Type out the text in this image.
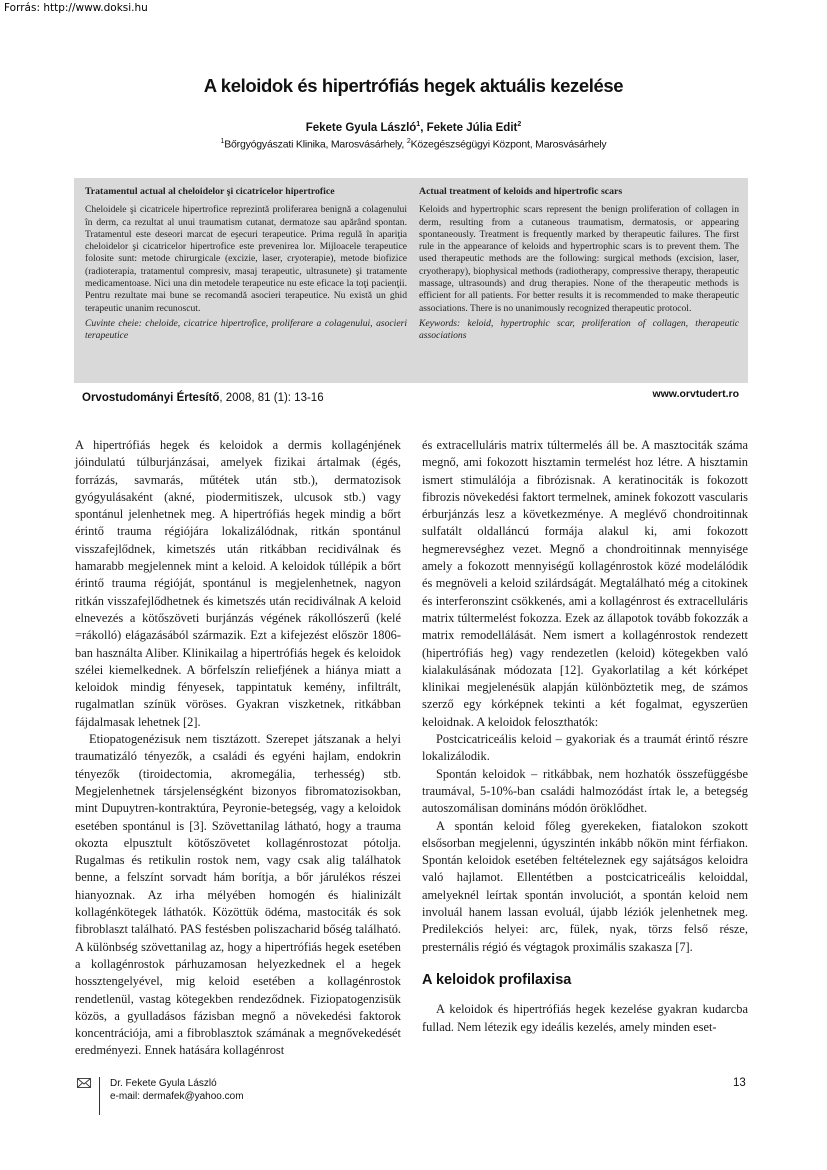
Forrás: http://www.doksi.hu
A keloidok és hipertrófiás hegek aktuális kezelése
Fekete Gyula László$^1$, Fekete Júlia Edit$^2$
$^1$Bőrgyógyászati Klinika, Marosvásárhely, $^2$Közegészségügyi Központ, Marosvásárhely
Tratamentul actual al cheloidelor şi cicatricelor hipertrofice
Cheloidele şi cicatricele hipertrofice reprezintă proliferarea benignă a colagenului în derm, ca rezultat al unui traumatism cutanat, dermatoze sau apărând spontan. Tratamentul este deseori marcat de eşecuri terapeutice. Prima regulă în apariţia cheloidelor şi cicatricelor hipertrofice este prevenirea lor. Mijloacele terapeutice folosite sunt: metode chirurgicale (excizie, laser, cryoterapie), metode biofizice (radioterapia, tratamentul compresiv, masaj terapeutic, ultrasunete) şi tratamente medicamentoase. Nici una din metodele terapeutice nu este eficace la toţi pacienţii. Pentru rezultate mai bune se recomandă asocieri terapeutice. Nu există un ghid terapeutic unanim recunoscut.
Cuvinte cheie: cheloide, cicatrice hipertrofice, proliferare a colagenului, asocieri terapeutice
Actual treatment of keloids and hipertrofic scars
Keloids and hypertrophic scars represent the benign proliferation of collagen in derm, resulting from a cutaneous traumatism, dermatosis, or appearing spontaneously. Treatment is frequently marked by therapeutic failures. The first rule in the appearance of keloids and hypertrophic scars is to prevent them. The used therapeutic methods are the following: surgical methods (excision, laser, cryotherapy), biophysical methods (radiotherapy, compressive therapy, therapeutic massage, ultrasounds) and drug therapies. None of the therapeutic methods is efficient for all patients. For better results it is recommended to make therapeutic associations. There is no unanimously recognized therapeutic protocol.
Keywords: keloid, hypertrophic scar, proliferation of collagen, therapeutic associations
Orvostudományi Értesítő, 2008, 81 (1): 13-16	www.orvtudert.ro

A hipertrófiás hegek és keloidok a dermis kollagénjének jóindulatú túlburjánzásai, amelyek fizikai ártalmak (égés, forrázás, savmarás, műtétek után stb.), dermatozisok gyógyulásaként (akné, piodermitiszek, ulcusok stb.) vagy spontánul jelenhetnek meg. A hipertrófiás hegek mindig a bőrt érintő trauma régiójára lokalizálódnak, ritkán spontánul visszafejlődnek, kimetszés után ritkábban recidiválnak és hamarabb megjelennek mint a keloid. A keloidok túllépik a bőrt érintő trauma régióját, spontánul is megjelenhetnek, nagyon ritkán visszafejlődhetnek és kimetszés után recidiválnak A keloid elnevezés a kötőszöveti burjánzás végének rákollószerű (kelé =rákolló) elágazásából származik. Ezt a kifejezést először 1806-ban használta Aliber. Klinikailag a hipertrófiás hegek és keloidok szélei kiemelkednek. A bőrfelszín reliefjének a hiánya miatt a keloidok mindig fényesek, tappintatuk kemény, infiltrált, rugalmatlan színük vöröses. Gyakran viszketnek, ritkábban fájdalmasak lehetnek [2].

Etiopatogenézisuk nem tisztázott. Szerepet játszanak a helyi traumatizáló tényezők, a családi és egyéni hajlam, endokrin tényezők (tiroidectomia, akromegália, terhesség) stb. Megjelenhetnek társjelenségként bizonyos fibromatozisokban, mint Dupuytren-kontraktúra, Peyronie-betegség, vagy a keloidok esetében spontánul is [3]. Szövettanilag látható, hogy a trauma okozta elpusztult kötőszövetet kollagénrostozat pótolja. Rugalmas és retikulin rostok nem, vagy csak alig találhatok benne, a felszínt sorvadt hám borítja, a bőr járulékos részei hianyoznak. Az irha mélyében homogén és hialinizált kollagénkötegek láthatók. Közöttük ödéma, mastociták és sok fibroblaszt található. PAS festésben poliszacharid bőség található. A különbség szövettanilag az, hogy a hipertrófiás hegek esetében a kollagénrostok párhuzamosan helyezkednek el a hegek hossztengelyével, mig keloid esetében a kollagénrostok rendetlenül, vastag kötegekben rendeződnek. Fiziopatogenzisük közös, a gyulladásos fázisban megnő a növekedési faktorok koncentrációja, ami a fibroblasztok számának a megnővekedését eredményezi. Ennek hatására kollagénrost

és extracelluláris matrix túltermelés áll be. A masztociták száma megnő, ami fokozott hisztamin termelést hoz létre. A hisztamin ismert stimulálója a fibrózisnak. A keratinociták is fokozott fibrozis növekedési faktort termelnek, aminek fokozott vascularis érburjánzás lesz a következménye. A meglévő chondroitinnak sulfatált oldalláncú formája alakul ki, ami fokozott hegmerevséghez vezet. Megnő a chondroitinnak mennyisége amely a fokozott mennyiségű kollagénrostok közé modelálódik és megnöveli a keloid szilárdságát. Megtalálható még a citokinek és interferonszint csökkenés, ami a kollagénrost és extracelluláris matrix túltermelést fokozza. Ezek az állapotok tovább fokozzák a matrix remodellálását. Nem ismert a kollagénrostok rendezett (hipertrófiás heg) vagy rendezetlen (keloid) kötegekben való kialakulásának módozata [12]. Gyakorlatilag a két kórképet klinikai megjelenésük alapján különböztetik meg, de számos szerző egy kórképnek tekinti a két fogalmat, egyszerüen keloidnak. A keloidok feloszthatók:

Postcicatriceális keloid – gyakoriak és a traumát érintő részre lokalizálodik.

Spontán keloidok – ritkábbak, nem hozhatók összefüggésbe traumával, 5-10%-ban családi halmozódást írtak le, a betegség autoszomálisan domináns módón öröklődhet.

A spontán keloid főleg gyerekeken, fiatalokon szokott elsősorban megjelenni, úgyszintén inkább nőkön mint férfiakon. Spontán keloidok esetében feltételeznek egy sajátságos keloidra való hajlamot. Ellentétben a postcicatriceális keloiddal, amelyeknél leírtak spontán involuciót, a spontán keloid nem involuál hanem lassan evoluál, újabb léziók jelenhetnek meg. Predilekciós helyei: arc, fülek, nyak, törzs felső része, presternális régió és végtagok proximális szakasza [7].

A keloidok profilaxisa

A keloidok és hipertrófiás hegek kezelése gyakran kudarcba fullad. Nem létezik egy ideális kezelés, amely minden eset-

Dr. Fekete Gyula László
e-mail: dermafek@yahoo.com
13
